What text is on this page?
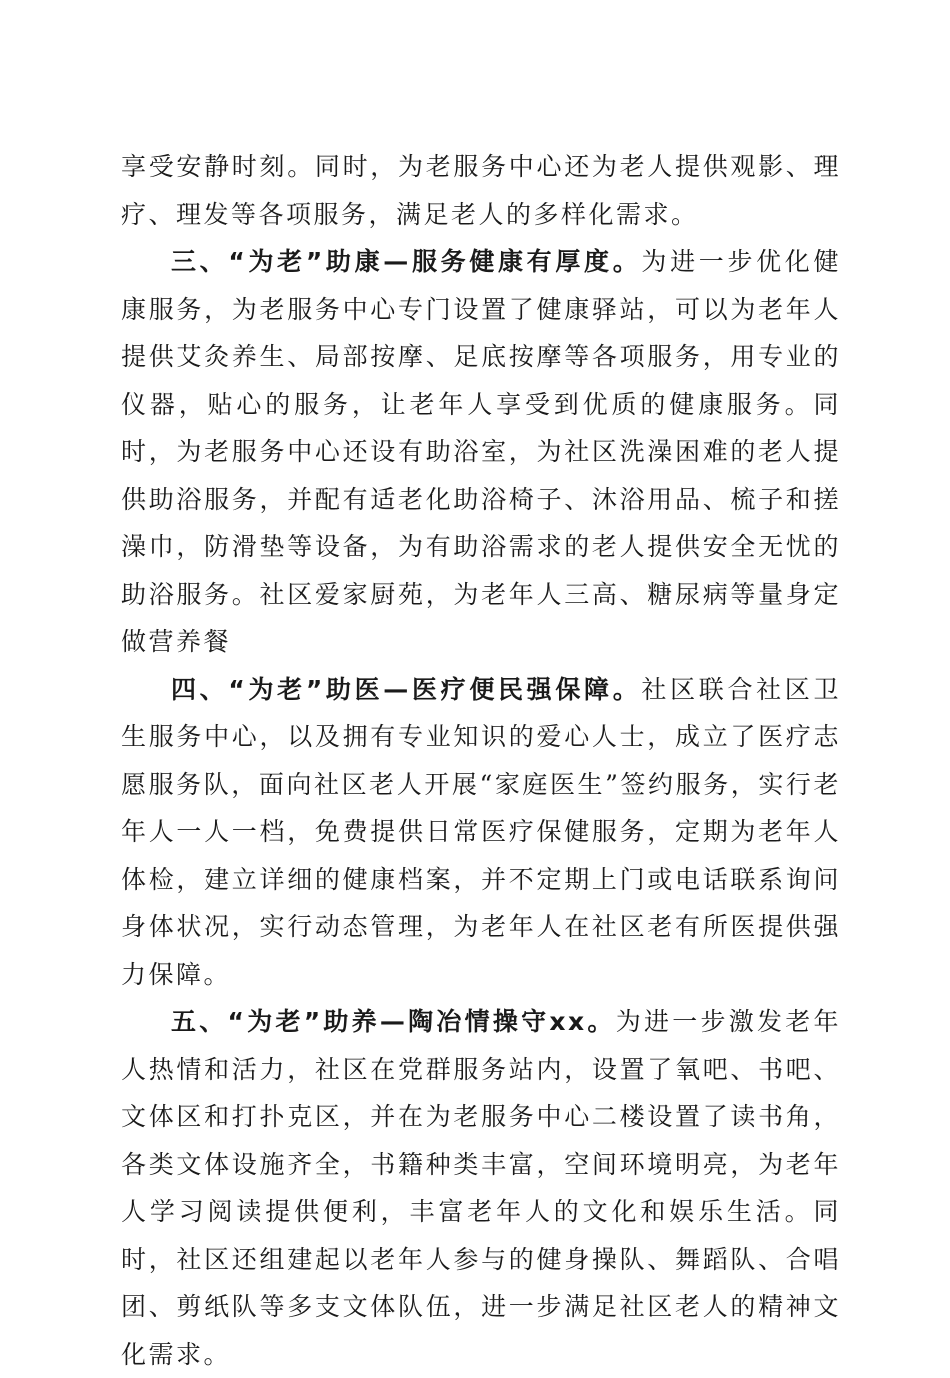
享受安静时刻。同时，为老服务中心还为老人提供观影、理疗、理发等各项服务，满足老人的多样化需求。

三、“为老”助康—服务健康有厚度。为进一步优化健康服务，为老服务中心专门设置了健康驿站，可以为老年人提供艾灸养生、局部按摩、足底按摩等各项服务，用专业的仪器，贴心的服务，让老年人享受到优质的健康服务。同时，为老服务中心还设有助浴室，为社区洗澡困难的老人提供助浴服务，并配有适老化助浴椅子、沐浴用品、梳子和搓澡巾，防滑垫等设备，为有助浴需求的老人提供安全无忧的助浴服务。社区爱家厨苑，为老年人三高、糖尿病等量身定做营养餐

四、“为老”助医—医疗便民强保障。社区联合社区卫生服务中心，以及拥有专业知识的爱心人士，成立了医疗志愿服务队，面向社区老人开展“家庭医生”签约服务，实行老年人一人一档，免费提供日常医疗保健服务，定期为老年人体检，建立详细的健康档案，并不定期上门或电话联系询问身体状况，实行动态管理，为老年人在社区老有所医提供强力保障。

五、“为老”助养—陶冶情操守xx。为进一步激发老年人热情和活力，社区在党群服务站内，设置了氧吧、书吧、文体区和打扑克区，并在为老服务中心二楼设置了读书角，各类文体设施齐全，书籍种类丰富，空间环境明亮，为老年人学习阅读提供便利，丰富老年人的文化和娱乐生活。同时，社区还组建起以老年人参与的健身操队、舞蹈队、合唱团、剪纸队等多支文体队伍，进一步满足社区老人的精神文化需求。
